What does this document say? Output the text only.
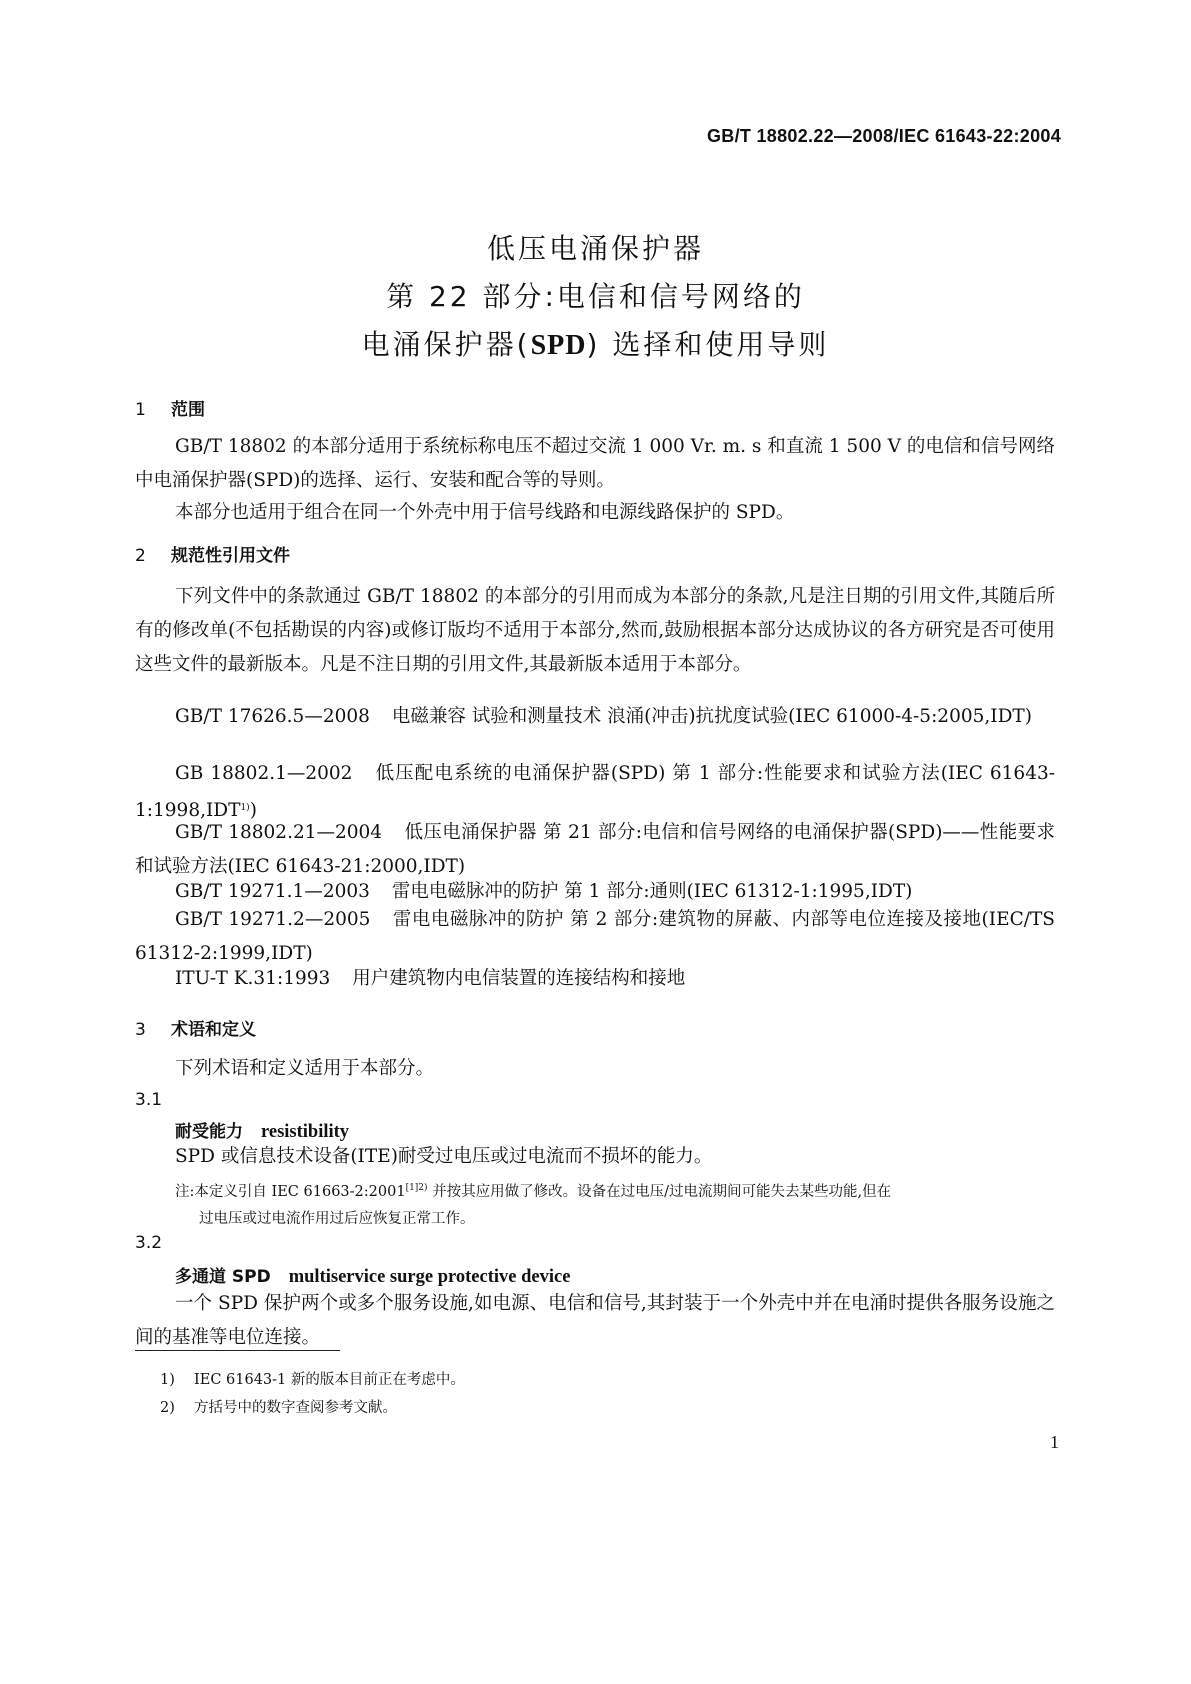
GB/T 18802.22—2008/IEC 61643-22:2004
低压电涌保护器
第 22 部分:电信和信号网络的
电涌保护器(SPD) 选择和使用导则
1 范围
GB/T 18802 的本部分适用于系统标称电压不超过交流 1 000 Vr. m. s 和直流 1 500 V 的电信和信号网络中电涌保护器(SPD)的选择、运行、安装和配合等的导则。
本部分也适用于组合在同一个外壳中用于信号线路和电源线路保护的 SPD。
2 规范性引用文件
下列文件中的条款通过 GB/T 18802 的本部分的引用而成为本部分的条款,凡是注日期的引用文件,其随后所有的修改单(不包括勘误的内容)或修订版均不适用于本部分,然而,鼓励根据本部分达成协议的各方研究是否可使用这些文件的最新版本。凡是不注日期的引用文件,其最新版本适用于本部分。
GB/T 17626.5—2008 电磁兼容 试验和测量技术 浪涌(冲击)抗扰度试验(IEC 61000-4-5:2005,IDT)
GB 18802.1—2002 低压配电系统的电涌保护器(SPD) 第 1 部分:性能要求和试验方法(IEC 61643-1:1998,IDT$^{1)}$)
GB/T 18802.21—2004 低压电涌保护器 第 21 部分:电信和信号网络的电涌保护器(SPD)——性能要求和试验方法(IEC 61643-21:2000,IDT)
GB/T 19271.1—2003 雷电电磁脉冲的防护 第 1 部分:通则(IEC 61312-1:1995,IDT)
GB/T 19271.2—2005 雷电电磁脉冲的防护 第 2 部分:建筑物的屏蔽、内部等电位连接及接地(IEC/TS 61312-2:1999,IDT)
ITU-T K.31:1993 用户建筑物内电信装置的连接结构和接地
3 术语和定义
下列术语和定义适用于本部分。
3.1
耐受能力 resistibility
SPD 或信息技术设备(ITE)耐受过电压或过电流而不损坏的能力。
注:本定义引自 IEC $61663-2:2001^{[1]2)}$ 并按其应用做了修改。设备在过电压/过电流期间可能失去某些功能,但在
过电压或过电流作用过后应恢复正常工作。
3.2
多通道 SPD multiservice surge protective device
一个 SPD 保护两个或多个服务设施,如电源、电信和信号,其封装于一个外壳中并在电涌时提供各服务设施之间的基准等电位连接。
1) IEC 61643-1 新的版本目前正在考虑中。
2) 方括号中的数字查阅参考文献。
1
